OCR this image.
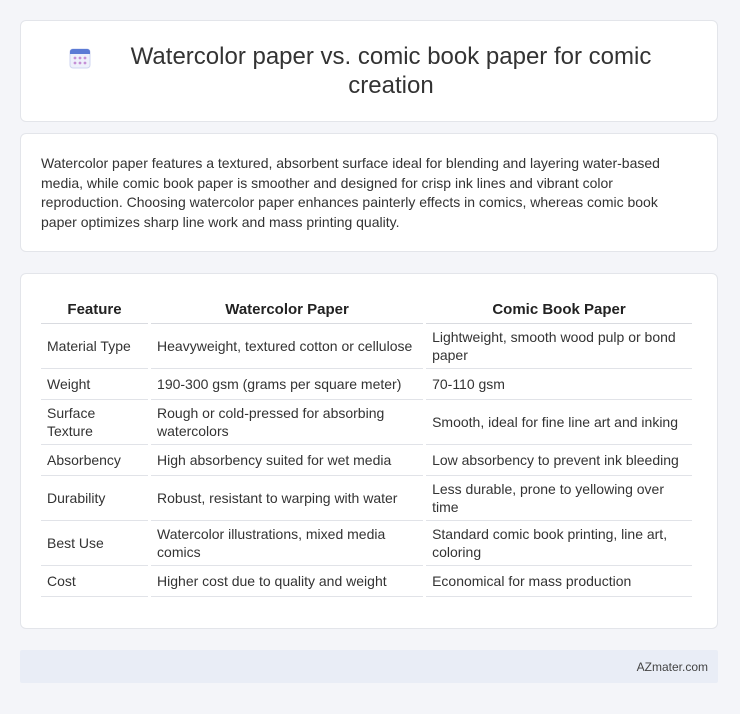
Watercolor paper vs. comic book paper for comic creation

Watercolor paper features a textured, absorbent surface ideal for blending and layering water-based media, while comic book paper is smoother and designed for crisp ink lines and vibrant color reproduction. Choosing watercolor paper enhances painterly effects in comics, whereas comic book paper optimizes sharp line work and mass printing quality.

Feature	Watercolor Paper	Comic Book Paper
Material Type	Heavyweight, textured cotton or cellulose	Lightweight, smooth wood pulp or bond paper
Weight	190-300 gsm (grams per square meter)	70-110 gsm
Surface Texture	Rough or cold-pressed for absorbing watercolors	Smooth, ideal for fine line art and inking
Absorbency	High absorbency suited for wet media	Low absorbency to prevent ink bleeding
Durability	Robust, resistant to warping with water	Less durable, prone to yellowing over time
Best Use	Watercolor illustrations, mixed media comics	Standard comic book printing, line art, coloring
Cost	Higher cost due to quality and weight	Economical for mass production
AZmater.com
